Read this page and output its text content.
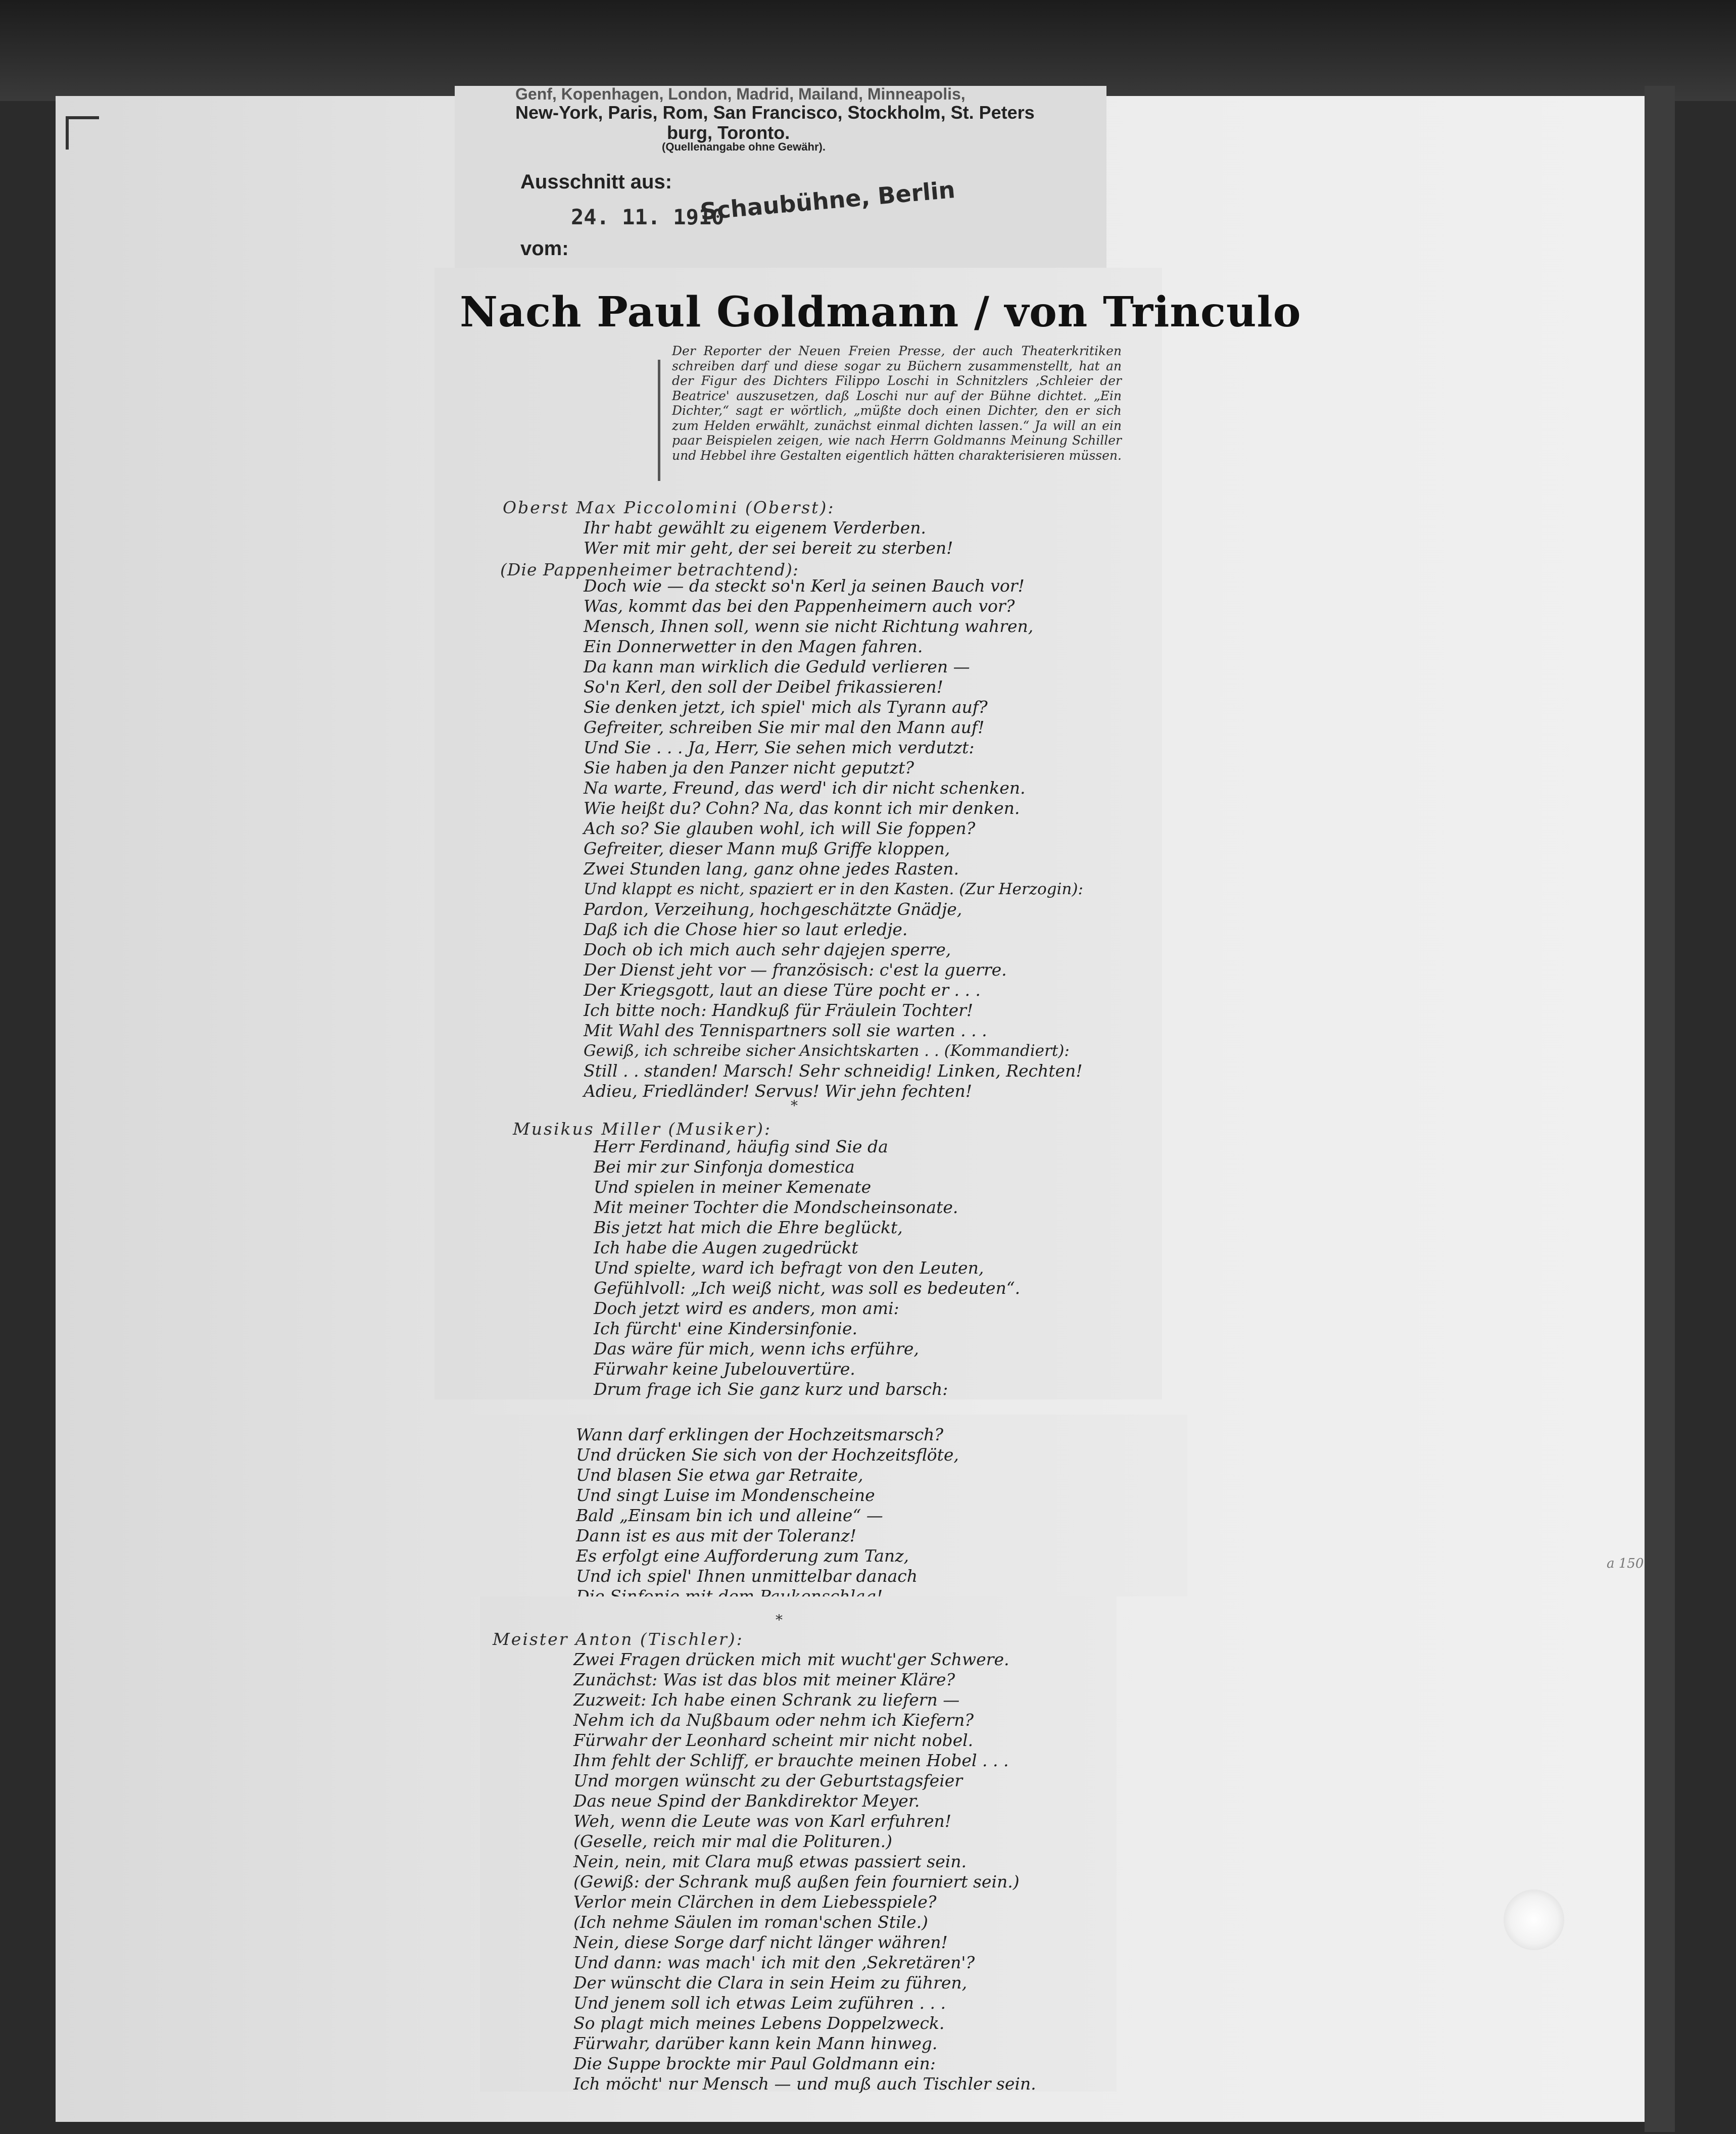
Genf, Kopenhagen, London, Madrid, Mailand, Minneapolis,
New-York, Paris, Rom, San Francisco, Stockholm, St. Peters
burg, Toronto.
(Quellenangabe ohne Gewähr).
Ausschnitt aus:
24. 11. 1910
Schaubühne, Berlin
vom:
Nach Paul Goldmann / von Trinculo
Der Reporter der Neuen Freien Presse, der auch Theaterkritiken schreiben darf und diese sogar zu Büchern zusammenstellt, hat an der Figur des Dichters Filippo Loschi in Schnitzlers ‚Schleier der Beatrice' auszusetzen, daß Loschi nur auf der Bühne dichtet. „Ein Dichter,“ sagt er wörtlich, „müßte doch einen Dichter, den er sich zum Helden erwählt, zunächst einmal dichten lassen.“ Ja will an ein paar Beispielen zeigen, wie nach Herrn Goldmanns Meinung Schiller und Hebbel ihre Gestalten eigentlich hätten charakterisieren müssen.
Oberst Max Piccolomini (Oberst):
Ihr habt gewählt zu eigenem Verderben.
Wer mit mir geht, der sei bereit zu sterben!
(Die Pappenheimer betrachtend):
Doch wie — da steckt so'n Kerl ja seinen Bauch vor!
Was, kommt das bei den Pappenheimern auch vor?
Mensch, Ihnen soll, wenn sie nicht Richtung wahren,
Ein Donnerwetter in den Magen fahren.
Da kann man wirklich die Geduld verlieren —
So'n Kerl, den soll der Deibel frikassieren!
Sie denken jetzt, ich spiel' mich als Tyrann auf?
Gefreiter, schreiben Sie mir mal den Mann auf!
Und Sie . . . Ja, Herr, Sie sehen mich verdutzt:
Sie haben ja den Panzer nicht geputzt?
Na warte, Freund, das werd' ich dir nicht schenken.
Wie heißt du? Cohn? Na, das konnt ich mir denken.
Ach so? Sie glauben wohl, ich will Sie foppen?
Gefreiter, dieser Mann muß Griffe kloppen,
Zwei Stunden lang, ganz ohne jedes Rasten.
Und klappt es nicht, spaziert er in den Kasten. (Zur Herzogin):
Pardon, Verzeihung, hochgeschätzte Gnädje,
Daß ich die Chose hier so laut erledje.
Doch ob ich mich auch sehr dajejen sperre,
Der Dienst jeht vor — französisch: c'est la guerre.
Der Kriegsgott, laut an diese Türe pocht er . . .
Ich bitte noch: Handkuß für Fräulein Tochter!
Mit Wahl des Tennispartners soll sie warten . . .
Gewiß, ich schreibe sicher Ansichtskarten . . (Kommandiert):
Still . . standen! Marsch! Sehr schneidig! Linken, Rechten!
Adieu, Friedländer! Servus! Wir jehn fechten!
*
Musikus Miller (Musiker):
Herr Ferdinand, häufig sind Sie da
Bei mir zur Sinfonja domestica
Und spielen in meiner Kemenate
Mit meiner Tochter die Mondscheinsonate.
Bis jetzt hat mich die Ehre beglückt,
Ich habe die Augen zugedrückt
Und spielte, ward ich befragt von den Leuten,
Gefühlvoll: „Ich weiß nicht, was soll es bedeuten“.
Doch jetzt wird es anders, mon ami:
Ich fürcht' eine Kindersinfonie.
Das wäre für mich, wenn ichs erführe,
Fürwahr keine Jubelouvertüre.
Drum frage ich Sie ganz kurz und barsch:
Wann darf erklingen der Hochzeitsmarsch?
Und drücken Sie sich von der Hochzeitsflöte,
Und blasen Sie etwa gar Retraite,
Und singt Luise im Mondenscheine
Bald „Einsam bin ich und alleine“ —
Dann ist es aus mit der Toleranz!
Es erfolgt eine Aufforderung zum Tanz,
Und ich spiel' Ihnen unmittelbar danach
*
Meister Anton (Tischler):
Zwei Fragen drücken mich mit wucht'ger Schwere.
Zunächst: Was ist das blos mit meiner Kläre?
Zuzweit: Ich habe einen Schrank zu liefern —
Nehm ich da Nußbaum oder nehm ich Kiefern?
Fürwahr der Leonhard scheint mir nicht nobel.
Ihm fehlt der Schliff, er brauchte meinen Hobel . . .
Und morgen wünscht zu der Geburtstagsfeier
Das neue Spind der Bankdirektor Meyer.
Weh, wenn die Leute was von Karl erfuhren!
(Geselle, reich mir mal die Polituren.)
Nein, nein, mit Clara muß etwas passiert sein.
(Gewiß: der Schrank muß außen fein fourniert sein.)
Verlor mein Clärchen in dem Liebesspiele?
(Ich nehme Säulen im roman'schen Stile.)
Nein, diese Sorge darf nicht länger währen!
Und dann: was mach' ich mit den ‚Sekretären'?
Der wünscht die Clara in sein Heim zu führen,
Und jenem soll ich etwas Leim zuführen . . .
So plagt mich meines Lebens Doppelzweck.
Fürwahr, darüber kann kein Mann hinweg.
Die Suppe brockte mir Paul Goldmann ein:
Ich möcht' nur Mensch — und muß auch Tischler sein.
a 150
